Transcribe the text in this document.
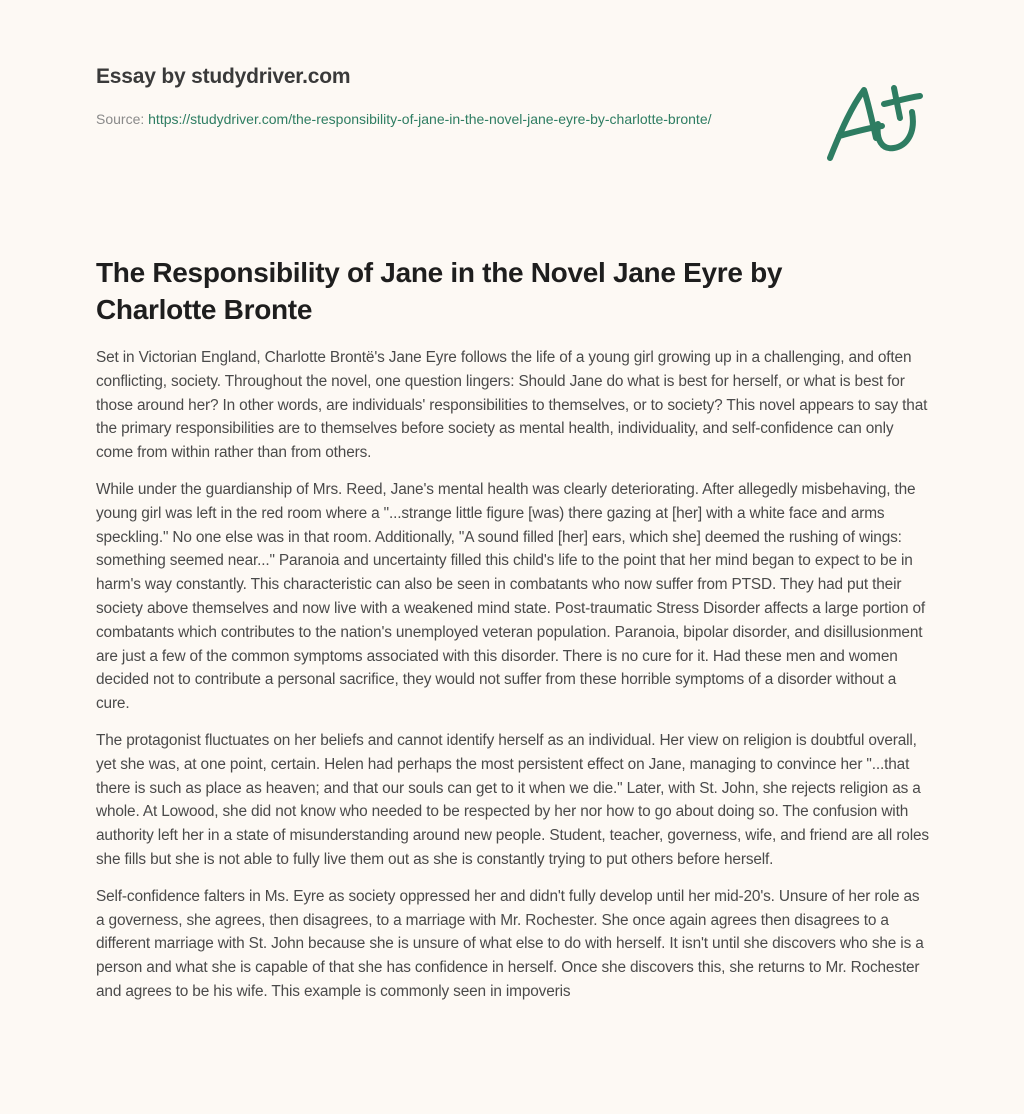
Essay by studydriver.com
Source: https://studydriver.com/the-responsibility-of-jane-in-the-novel-jane-eyre-by-charlotte-bronte/
The Responsibility of Jane in the Novel Jane Eyre by Charlotte Bronte

Set in Victorian England, Charlotte Brontë's Jane Eyre follows the life of a young girl growing up in a challenging, and often conflicting, society. Throughout the novel, one question lingers: Should Jane do what is best for herself, or what is best for those around her? In other words, are individuals' responsibilities to themselves, or to society? This novel appears to say that the primary responsibilities are to themselves before society as mental health, individuality, and self-confidence can only come from within rather than from others.

While under the guardianship of Mrs. Reed, Jane's mental health was clearly deteriorating. After allegedly misbehaving, the young girl was left in the red room where a "...strange little figure [was) there gazing at [her] with a white face and arms speckling." No one else was in that room. Additionally, "A sound filled [her] ears, which she] deemed the rushing of wings: something seemed near..." Paranoia and uncertainty filled this child's life to the point that her mind began to expect to be in harm's way constantly. This characteristic can also be seen in combatants who now suffer from PTSD. They had put their society above themselves and now live with a weakened mind state. Post-traumatic Stress Disorder affects a large portion of combatants which contributes to the nation's unemployed veteran population. Paranoia, bipolar disorder, and disillusionment are just a few of the common symptoms associated with this disorder. There is no cure for it. Had these men and women decided not to contribute a personal sacrifice, they would not suffer from these horrible symptoms of a disorder without a cure.

The protagonist fluctuates on her beliefs and cannot identify herself as an individual. Her view on religion is doubtful overall, yet she was, at one point, certain. Helen had perhaps the most persistent effect on Jane, managing to convince her "...that there is such as place as heaven; and that our souls can get to it when we die." Later, with St. John, she rejects religion as a whole. At Lowood, she did not know who needed to be respected by her nor how to go about doing so. The confusion with authority left her in a state of misunderstanding around new people. Student, teacher, governess, wife, and friend are all roles she fills but she is not able to fully live them out as she is constantly trying to put others before herself.

Self-confidence falters in Ms. Eyre as society oppressed her and didn't fully develop until her mid-20's. Unsure of her role as a governess, she agrees, then disagrees, to a marriage with Mr. Rochester. She once again agrees then disagrees to a different marriage with St. John because she is unsure of what else to do with herself. It isn't until she discovers who she is a person and what she is capable of that she has confidence in herself. Once she discovers this, she returns to Mr. Rochester and agrees to be his wife. This example is commonly seen in impoveris
